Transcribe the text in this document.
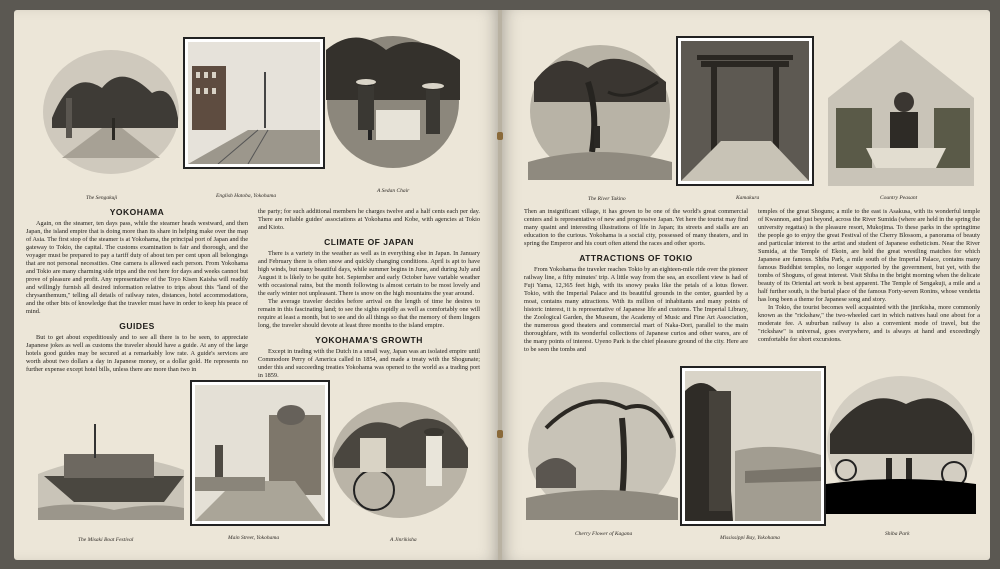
The Sengakuji	English Hatoba, Yokohama
A Sedan Chair
YOKOHAMA

Again, on the steamer, ten days pass, while the steamer heads westward, and then Japan, the island empire that is doing more than its share in helping make over the map of Asia. The first stop of the steamer is at Yokohama, the principal port of Japan and the gateway to Tokio, the capital. The customs examination is fair and thorough, and the voyager must be prepared to pay a tariff duty of about ten per cent upon all belongings that are not personal necessities. One camera is allowed each person. From Yokohama and Tokio are many charming side trips and the rest here for days and weeks cannot but prove of pleasure and profit. Any representative of the Toyo Kisen Kaisha will readily and willingly furnish all desired information relative to trips about this "land of the chrysanthemum," telling all details of railway rates, distances, hotel accommodations, and the other bits of knowledge that the traveler must have in order to keep his peace of mind.

GUIDES

But to get about expeditiously and to see all there is to be seen, to appreciate Japanese jokes as well as customs the traveler should have a guide. At any of the large hotels good guides may be secured at a remarkably low rate. A guide's services are worth about two dollars a day in Japanese money, or a dollar gold. He represents no further expense except hotel bills, unless there are more than two in

the party; for such additional members he charges twelve and a half cents each per day. There are reliable guides' associations at Yokohama and Kobe, with agencies at Tokio and Kioto.

CLIMATE OF JAPAN

There is a variety in the weather as well as in everything else in Japan. In January and February there is often snow and quickly changing conditions. April is apt to have high winds, but many beautiful days, while summer begins in June, and during July and August it is likely to be quite hot. September and early October have variable weather with occasional rains, but the month following is almost certain to be most lovely and the early winter not unpleasant. There is snow on the high mountains the year around.

The average traveler decides before arrival on the length of time he desires to remain in this fascinating land; to see the sights rapidly as well as comfortably one will require at least a month, but to see and do all things so that the memory of them lingers long, the traveler should devote at least three months to the island empire.

YOKOHAMA'S GROWTH

Except in trading with the Dutch in a small way, Japan was an isolated empire until Commodore Perry of America called in 1854, and made a treaty with the Shogunate; under this and succeeding treaties Yokohama was opened to the world as a trading port in 1859.

The Misaki Boat Festival	Main Street, Yokohama	A Jinrikisha
The River Takino	Kamakura	Country Peasant

Then an insignificant village, it has grown to be one of the world's great commercial centers and is representative of new and progressive Japan. Yet here the tourist may find many quaint and interesting illustrations of life in Japan; its streets and stalls are an education to the curious. Yokohama is a social city, possessed of many theaters, and in spring the Emperor and his court often attend the races and other sports.

ATTRACTIONS OF TOKIO

From Yokohama the traveler reaches Tokio by an eighteen-mile ride over the pioneer railway line, a fifty minutes' trip. A little way from the sea, an excellent view is had of Fuji Yama, 12,365 feet high, with its snowy peaks like the petals of a lotus flower. Tokio, with the Imperial Palace and its beautiful grounds in the center, guarded by a moat, contains many attractions. With its million of inhabitants and many points of historic interest, it is representative of Japanese life and customs. The Imperial Library, the Zoological Garden, the Museum, the Academy of Music and Fine Art Association, the numerous good theaters and commercial mart of Naka-Dori, parallel to the main thoroughfare, with its wonderful collections of Japanese curios and other wares, are of the many points of interest. Uyeno Park is the chief pleasure ground of the city. Here are to be seen the tombs and

temples of the great Shoguns; a mile to the east is Asakusa, with its wonderful temple of Kwannon, and just beyond, across the River Sumida (where are held in the spring the university regattas) is the pleasure resort, Mukojima. To these parks in the springtime the people go to enjoy the great Festival of the Cherry Blossom, a panorama of beauty and particular interest to the artist and student of Japanese estheticism. Near the River Sumida, at the Temple of Ekoin, are held the great wrestling matches for which Japanese are famous. Shiba Park, a mile south of the Imperial Palace, contains many famous Buddhist temples, no longer supported by the government, but yet, with the tombs of Shoguns, of great interest. Visit Shiba in the bright morning when the delicate beauty of its Oriental art work is best apparent. The Temple of Sengakuji, a mile and a half further south, is the burial place of the famous Forty-seven Ronins, whose vendetta has long been a theme for Japanese song and story.

In Tokio, the tourist becomes well acquainted with the jinrikisha, more commonly known as the "rickshaw," the two-wheeled cart in which natives haul one about for a moderate fee. A suburban railway is also a convenient mode of travel, but the "rickshaw" is universal, goes everywhere, and is always at hand and exceedingly comfortable for short excursions.

Cherry Flower of Kagana
Mississippi Bay, Yokohama
Shiba Park
